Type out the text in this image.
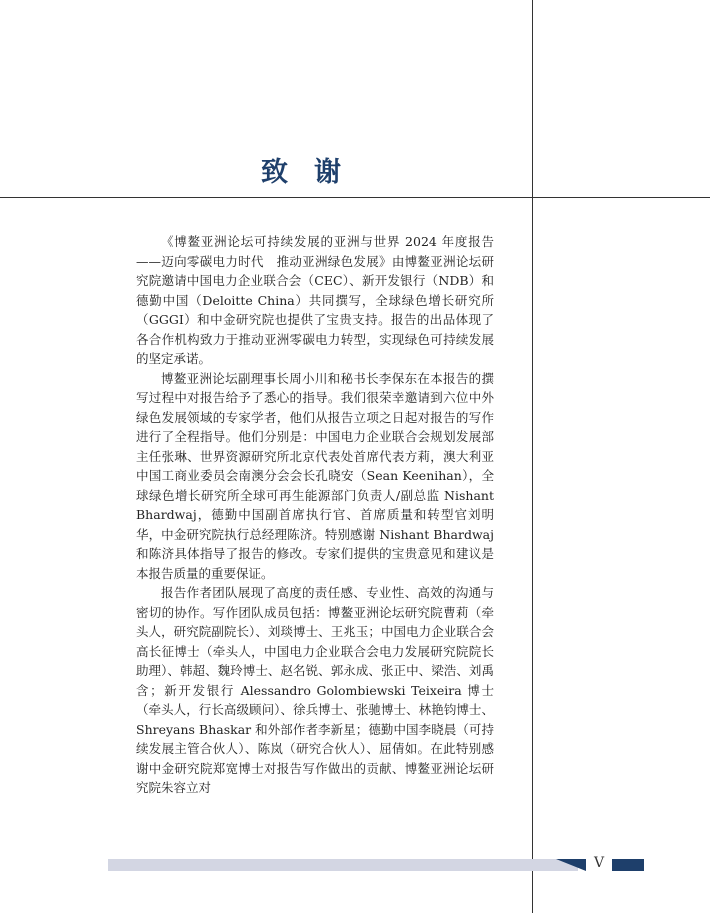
致谢

《博鳌亚洲论坛可持续发展的亚洲与世界 2024 年度报告——迈向零碳电力时代　推动亚洲绿色发展》由博鳌亚洲论坛研究院邀请中国电力企业联合会（CEC）、新开发银行（NDB）和德勤中国（Deloitte China）共同撰写，全球绿色增长研究所（GGGI）和中金研究院也提供了宝贵支持。报告的出品体现了各合作机构致力于推动亚洲零碳电力转型，实现绿色可持续发展的坚定承诺。

博鳌亚洲论坛副理事长周小川和秘书长李保东在本报告的撰写过程中对报告给予了悉心的指导。我们很荣幸邀请到六位中外绿色发展领域的专家学者，他们从报告立项之日起对报告的写作进行了全程指导。他们分别是：中国电力企业联合会规划发展部主任张琳、世界资源研究所北京代表处首席代表方莉，澳大利亚中国工商业委员会南澳分会会长孔晓安（Sean Keenihan），全球绿色增长研究所全球可再生能源部门负责人/副总监 Nishant Bhardwaj，德勤中国副首席执行官、首席质量和转型官刘明华，中金研究院执行总经理陈济。特别感谢 Nishant Bhardwaj 和陈济具体指导了报告的修改。专家们提供的宝贵意见和建议是本报告质量的重要保证。

报告作者团队展现了高度的责任感、专业性、高效的沟通与密切的协作。写作团队成员包括：博鳌亚洲论坛研究院曹莉（牵头人，研究院副院长）、刘琰博士、王兆玉；中国电力企业联合会高长征博士（牵头人，中国电力企业联合会电力发展研究院院长助理）、韩超、魏玲博士、赵名锐、郭永成、张正中、梁浩、刘禹含；新开发银行 Alessandro Golombiewski Teixeira 博士（牵头人，行长高级顾问）、徐兵博士、张驰博士、林艳钧博士、Shreyans Bhaskar 和外部作者李新星；德勤中国李晓晨（可持续发展主管合伙人）、陈岚（研究合伙人）、屈倩如。在此特别感谢中金研究院郑宽博士对报告写作做出的贡献、博鳌亚洲论坛研究院朱容立对

V
